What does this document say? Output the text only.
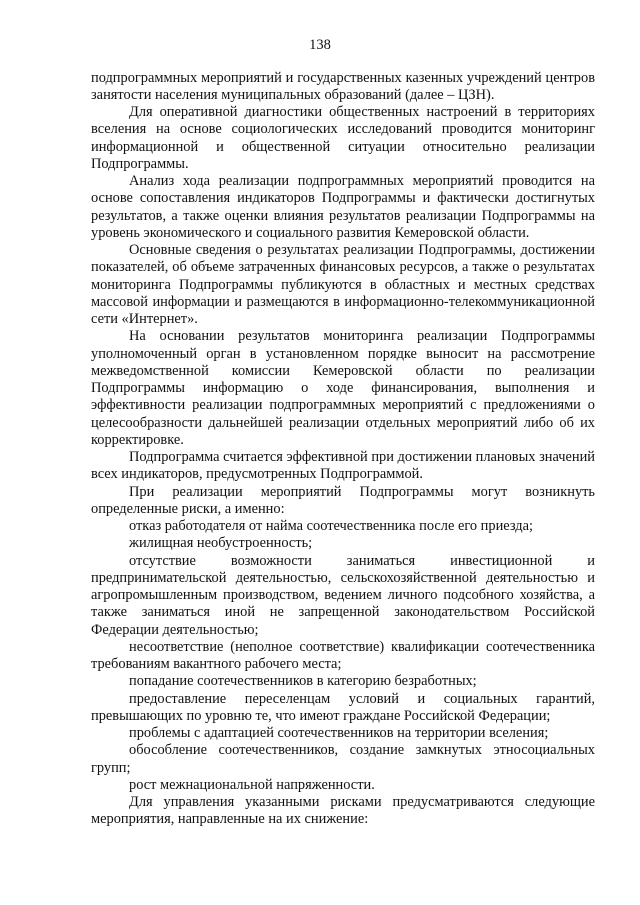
138

подпрограммных мероприятий и государственных казенных учреждений центров занятости населения муниципальных образований (далее – ЦЗН).

Для оперативной диагностики общественных настроений в территориях вселения на основе социологических исследований проводится мониторинг информационной и общественной ситуации относительно реализации Подпрограммы.

Анализ хода реализации подпрограммных мероприятий проводится на основе сопоставления индикаторов Подпрограммы и фактически достигнутых результатов, а также оценки влияния результатов реализации Подпрограммы на уровень экономического и социального развития Кемеровской области.

Основные сведения о результатах реализации Подпрограммы, достижении показателей, об объеме затраченных финансовых ресурсов, а также о результатах мониторинга Подпрограммы публикуются в областных и местных средствах массовой информации и размещаются в информационно-телекоммуникационной сети «Интернет».

На основании результатов мониторинга реализации Подпрограммы уполномоченный орган в установленном порядке выносит на рассмотрение межведомственной комиссии Кемеровской области по реализации Подпрограммы информацию о ходе финансирования, выполнения и эффективности реализации подпрограммных мероприятий с предложениями о целесообразности дальнейшей реализации отдельных мероприятий либо об их корректировке.

Подпрограмма считается эффективной при достижении плановых значений всех индикаторов, предусмотренных Подпрограммой.

При реализации мероприятий Подпрограммы могут возникнуть определенные риски, а именно:

отказ работодателя от найма соотечественника после его приезда;

жилищная необустроенность;

отсутствие возможности заниматься инвестиционной и предпринимательской деятельностью, сельскохозяйственной деятельностью и агропромышленным производством, ведением личного подсобного хозяйства, а также заниматься иной не запрещенной законодательством Российской Федерации деятельностью;

несоответствие (неполное соответствие) квалификации соотечественника требованиям вакантного рабочего места;

попадание соотечественников в категорию безработных;

предоставление переселенцам условий и социальных гарантий, превышающих по уровню те, что имеют граждане Российской Федерации;

проблемы с адаптацией соотечественников на территории вселения;

обособление соотечественников, создание замкнутых этносоциальных групп;

рост межнациональной напряженности.

Для управления указанными рисками предусматриваются следующие мероприятия, направленные на их снижение:
